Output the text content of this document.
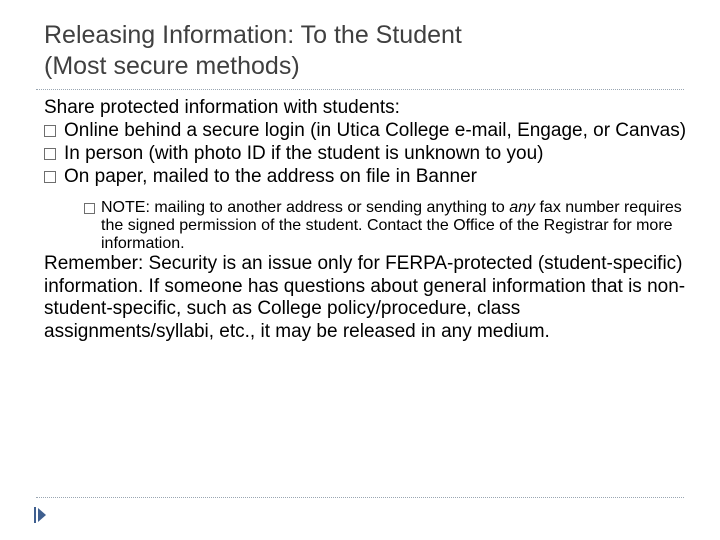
Releasing Information: To the Student
(Most secure methods)

Share protected information with students:

Online behind a secure login (in Utica College e-mail, Engage, or Canvas)
In person (with photo ID if the student is unknown to you)
On paper, mailed to the address on file in Banner
NOTE: mailing to another address or sending anything to any fax number requires the signed permission of the student. Contact the Office of the Registrar for more information.

Remember: Security is an issue only for FERPA-protected (student-specific) information. If someone has questions about general information that is non-student-specific, such as College policy/procedure, class assignments/syllabi, etc., it may be released in any medium.
